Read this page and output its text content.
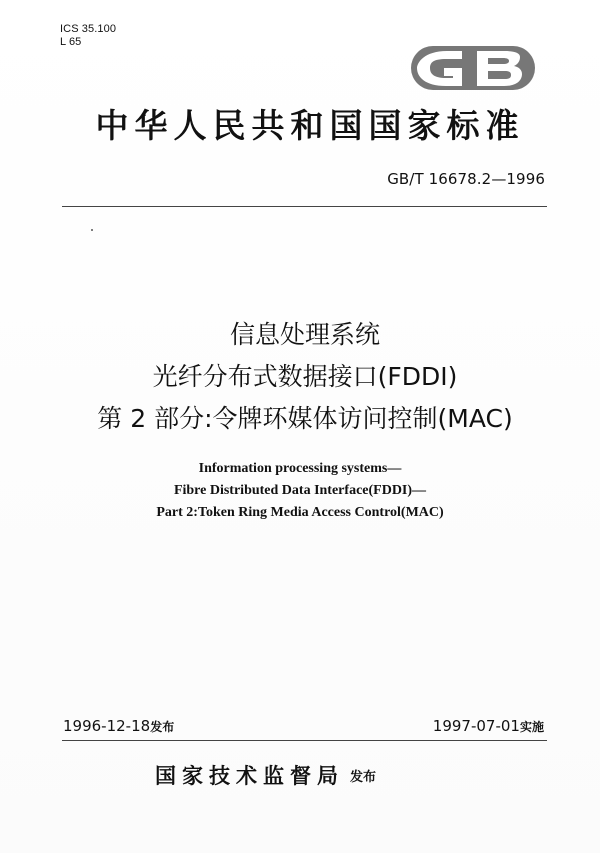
ICS 35.100
L 65
中华人民共和国国家标准
GB/T 16678.2—1996
信息处理系统
光纤分布式数据接口(FDDI)
第 2 部分:令牌环媒体访问控制(MAC)
Information processing systems—
Fibre Distributed Data Interface(FDDI)—
Part 2:Token Ring Media Access Control(MAC)
1996-12-18发布	1997-07-01实施
国家技术监督局 发布
